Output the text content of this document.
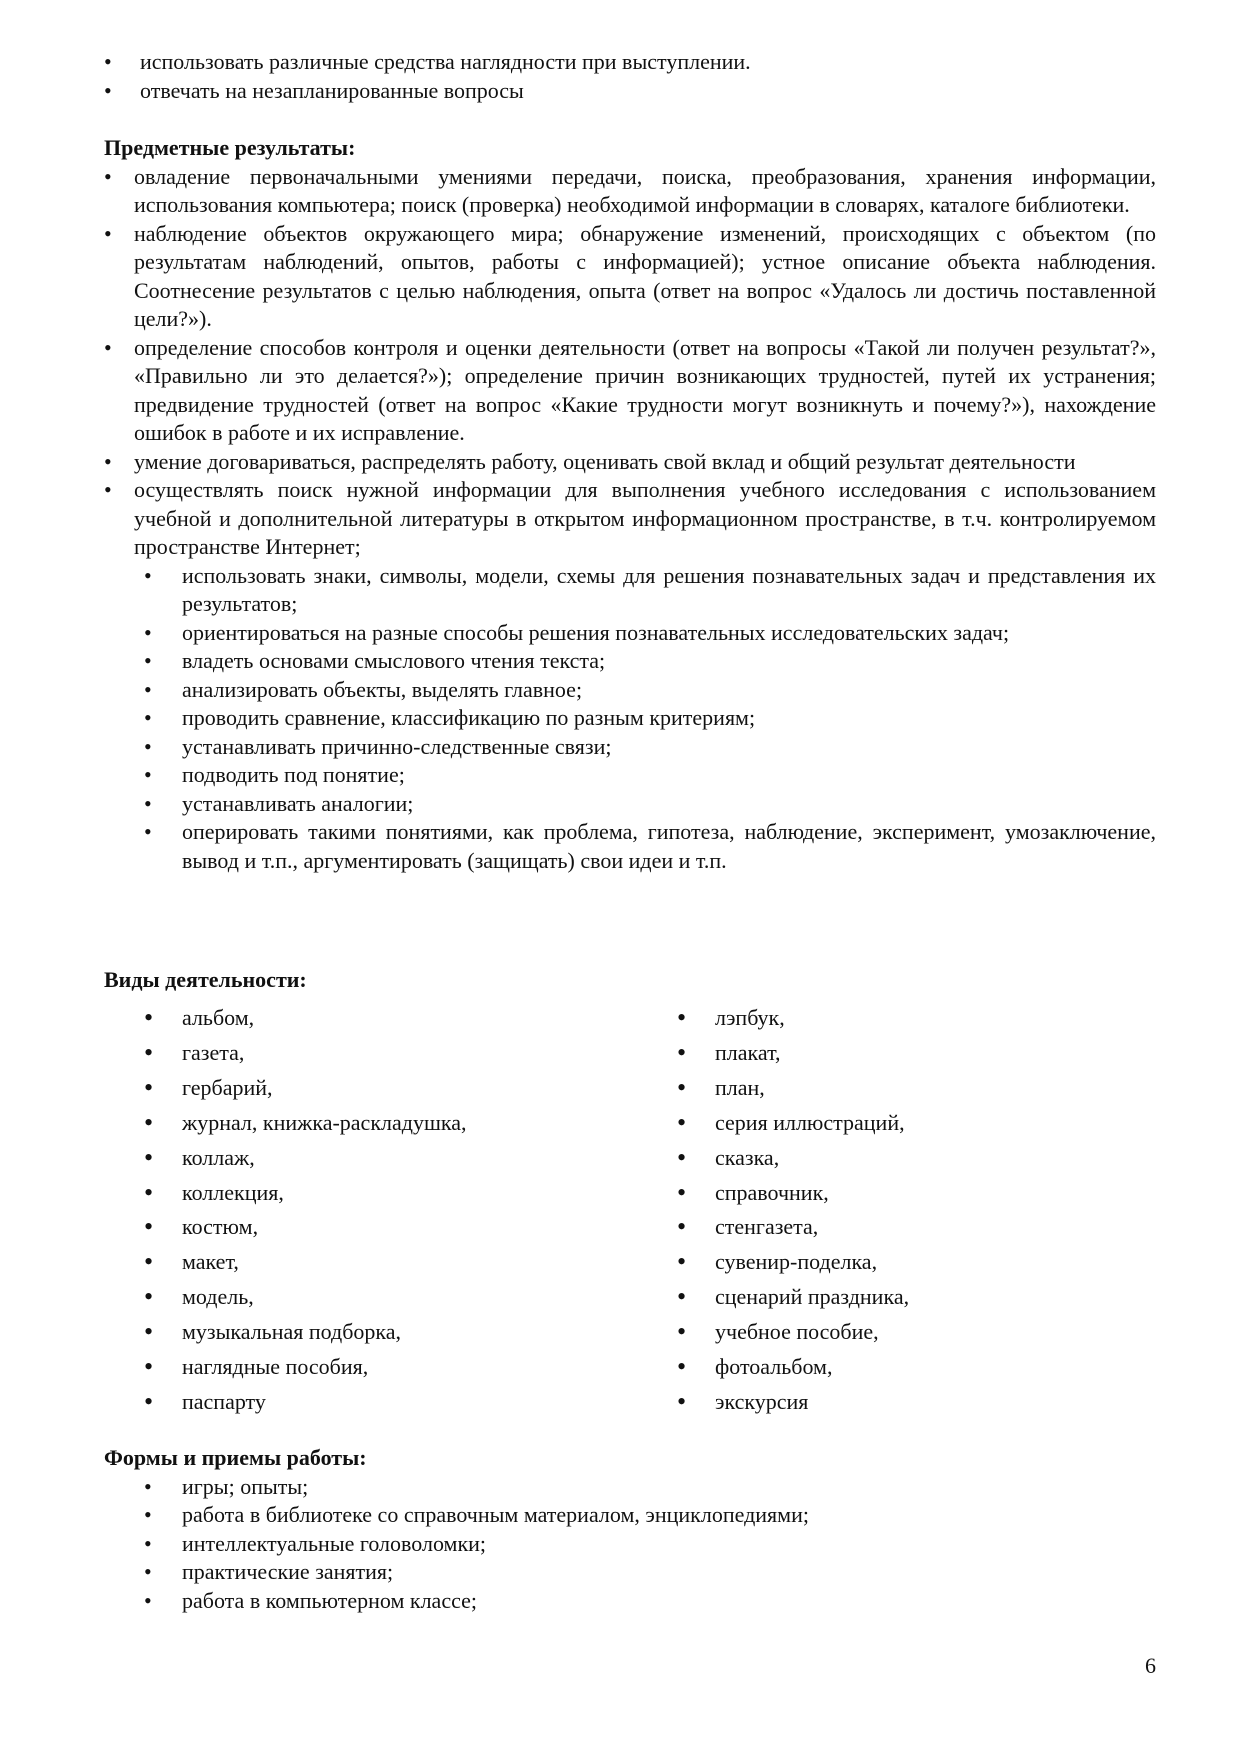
• использовать различные средства наглядности при выступлении.
• отвечать на незапланированные вопросы
Предметные результаты:
• овладение первоначальными умениями передачи, поиска, преобразования, хранения информации, использования компьютера; поиск (проверка) необходимой информации в словарях, каталоге библиотеки.
• наблюдение объектов окружающего мира; обнаружение изменений, происходящих с объектом (по результатам наблюдений, опытов, работы с информацией); устное описание объекта наблюдения. Соотнесение результатов с целью наблюдения, опыта (ответ на вопрос «Удалось ли достичь поставленной цели?»).
• определение способов контроля и оценки деятельности (ответ на вопросы «Такой ли получен результат?», «Правильно ли это делается?»); определение причин возникающих трудностей, путей их устранения; предвидение трудностей (ответ на вопрос «Какие трудности могут возникнуть и почему?»), нахождение ошибок в работе и их исправление.
• умение договариваться, распределять работу, оценивать свой вклад и общий результат деятельности
• осуществлять поиск нужной информации для выполнения учебного исследования с использованием учебной и дополнительной литературы в открытом информационном пространстве, в т.ч. контролируемом пространстве Интернет;
• использовать знаки, символы, модели, схемы для решения познавательных задач и представления их результатов;
• ориентироваться на разные способы решения познавательных исследовательских задач;
• владеть основами смыслового чтения текста;
• анализировать объекты, выделять главное;
• проводить сравнение, классификацию по разным критериям;
• устанавливать причинно-следственные связи;
• подводить под понятие;
• устанавливать аналогии;
• оперировать такими понятиями, как проблема, гипотеза, наблюдение, эксперимент, умозаключение, вывод и т.п., аргументировать (защищать) свои идеи и т.п.
Виды деятельности:
• альбом,
• газета,
• гербарий,
• журнал, книжка-раскладушка,
• коллаж,
• коллекция,
• костюм,
• макет,
• модель,
• музыкальная подборка,
• наглядные пособия,
• паспарту
• лэпбук,
• плакат,
• план,
• серия иллюстраций,
• сказка,
• справочник,
• стенгазета,
• сувенир-поделка,
• сценарий праздника,
• учебное пособие,
• фотоальбом,
• экскурсия
Формы и приемы работы:
• игры; опыты;
• работа в библиотеке со справочным материалом, энциклопедиями;
• интеллектуальные головоломки;
• практические занятия;
• работа в компьютерном классе;
6
